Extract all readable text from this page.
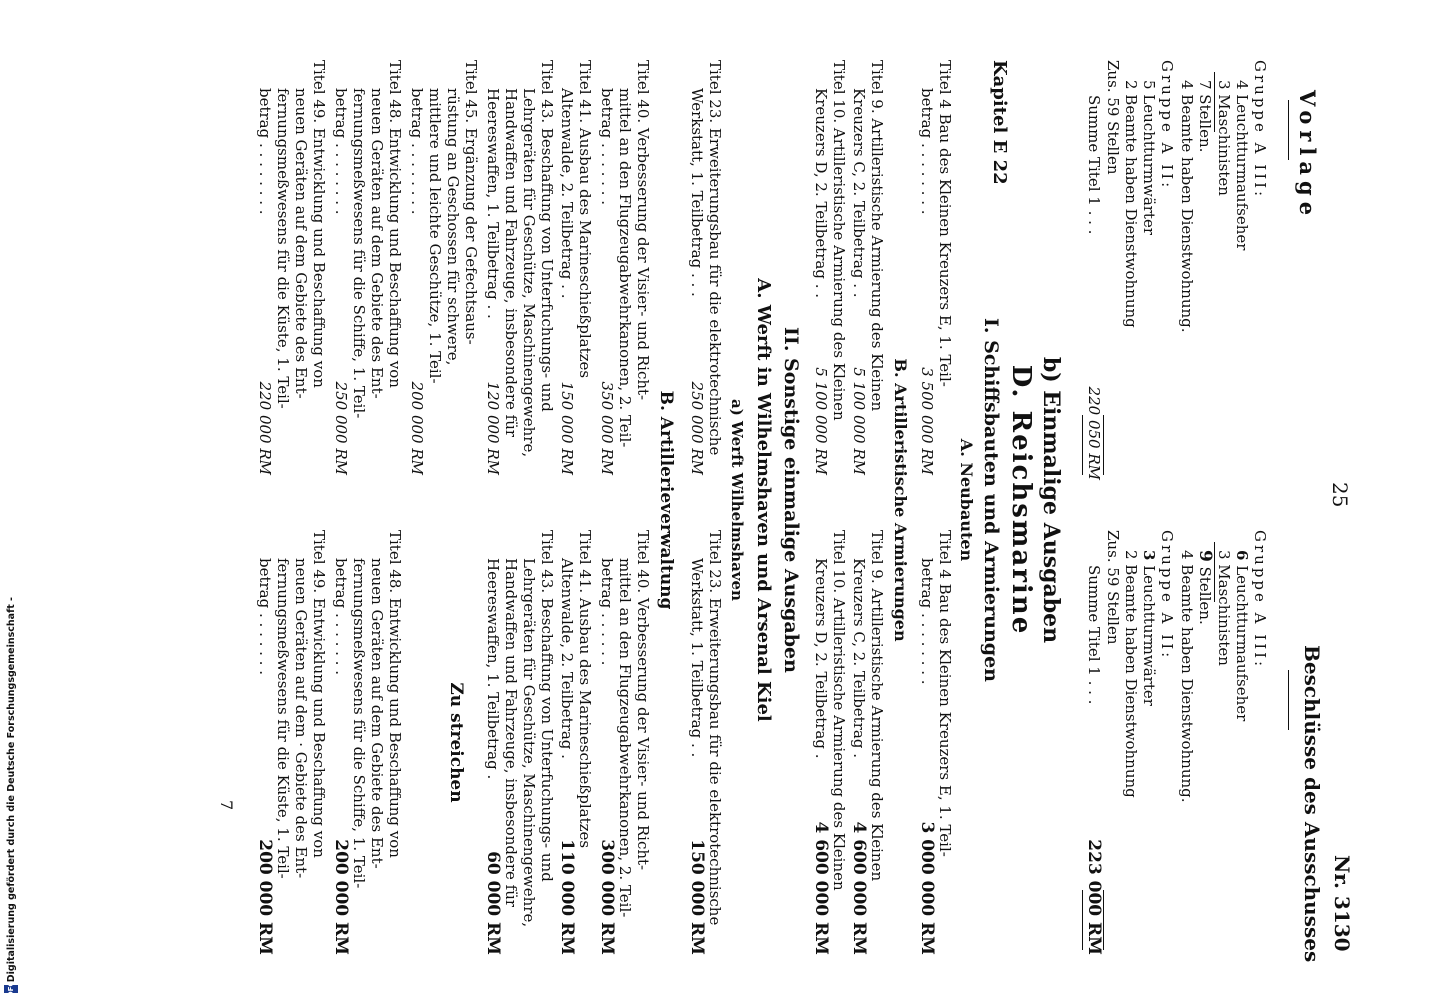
Digitalisierung gefördert durch die Deutsche Forschungsgemeinschaft -
DFG
Vorlage
25
Beschlüsse des Ausschusses Nr. 3130
Gruppe A III:
4 Leuchtturmaufseher
3 Maschinisten
7 Stellen.
4 Beamte haben Dienstwohnung.
Gruppe A II:
5 Leuchtturmwärter
2 Beamte haben Dienstwohnung
Zus. 59 Stellen
Summe Titel 1 . . .
220 050 RM
Gruppe A III:
6 Leuchtturmaufseher
3 Maschinisten
9 Stellen.
4 Beamte haben Dienstwohnung.
Gruppe A II:
3 Leuchtturmwärter
2 Beamte haben Dienstwohnung
Zus. 59 Stellen
Summe Titel 1 . . .
223 000 RM
b) Einmalige Ausgaben
D. Reichsmarine
Kapitel E 22
I. Schiffsbauten und Armierungen
A. Neubauten
Titel 4 Bau des Kleinen Kreuzers E, 1. Teil-
betrag . . . . . . . .
3 500 000 RM
Titel 4 Bau des Kleinen Kreuzers E, 1. Teil-
betrag . . . . . . . .
3 000 000 RM
B. Artilleristische Armierungen
Titel 9. Artilleristische Armierung des Kleinen
Kreuzers C, 2. Teilbetrag . .
5 100 000 RM
Titel 9. Artilleristische Armierung des Kleinen
Kreuzers C, 2. Teilbetrag .
4 600 000 RM
Titel 10. Artilleristische Armierung des Kleinen
Kreuzers D, 2. Teilbetrag . .
5 100 000 RM
Titel 10. Artilleristische Armierung des Kleinen
Kreuzers D, 2. Teilbetrag .
4 600 000 RM
II. Sonstige einmalige Ausgaben
A. Werft in Wilhelmshaven und Arsenal Kiel
a) Werft Wilhelmshaven
Titel 23. Erweiterungsbau für die elektrotechnische
Werkstatt, 1. Teilbetrag . . .
250 000 RM
Titel 23. Erweiterungsbau für die elektrotechnische
Werkstatt, 1. Teilbetrag . .
150 000 RM
B. Artillerieverwaltung
Titel 40. Verbesserung der Visier- und Richt-
mittel an den Flugzeugabwehrkanonen, 2. Teil-
betrag . . . . . . .
350 000 RM
Titel 40. Verbesserung der Visier- und Richt-
mittel an den Flugzeugabwehrkanonen, 2. Teil-
betrag . . . . . .
300 000 RM
Titel 41. Ausbau des Marineschießplatzes
Altenwalde, 2. Teilbetrag . .
150 000 RM
Titel 41. Ausbau des Marineschießplatzes
Altenwalde, 2. Teilbetrag .
110 000 RM
Titel 43. Beschaffung von Unterfuchungs- und
Lehrgeräten für Geschütze, Maschinengewehre,
Handwaffen und Fahrzeuge, insbesondere für
Heereswaffen, 1. Teilbetrag . .
120 000 RM
Titel 43. Beschaffung von Unterfuchungs- und
Lehrgeräten für Geschütze, Maschinengewehre,
Handwaffen und Fahrzeuge, insbesondere für
Heereswaffen, 1. Teilbetrag .
60 000 RM
Titel 45. Ergänzung der Gefechtsaus-
rüstung an Geschossen für schwere,
mittlere und leichte Geschütze, 1. Teil-
betrag . . . . . . . .
200 000 RM
Zu streichen
Titel 48. Entwicklung und Beschaffung von
neuen Geräten auf dem Gebiete des Ent-
fernungsmeßwesens für die Schiffe, 1. Teil-
betrag . . . . . . . .
250 000 RM
Titel 48. Entwicklung und Beschaffung von
neuen Geräten auf dem Gebiete des Ent-
fernungsmeßwesens für die Schiffe, 1. Teil-
betrag . . . . . . .
200 000 RM
Titel 49. Entwicklung und Beschaffung von
neuen Geräten auf dem Gebiete des Ent-
fernungsmeßwesens für die Küste, 1. Teil-
betrag . . . . . . . .
220 000 RM
Titel 49. Entwicklung und Beschaffung von
neuen Geräten auf dem · Gebiete des Ent-
fernungsmeßwesens für die Küste, 1. Teil-
betrag . . . . . . .
200 000 RM
7
